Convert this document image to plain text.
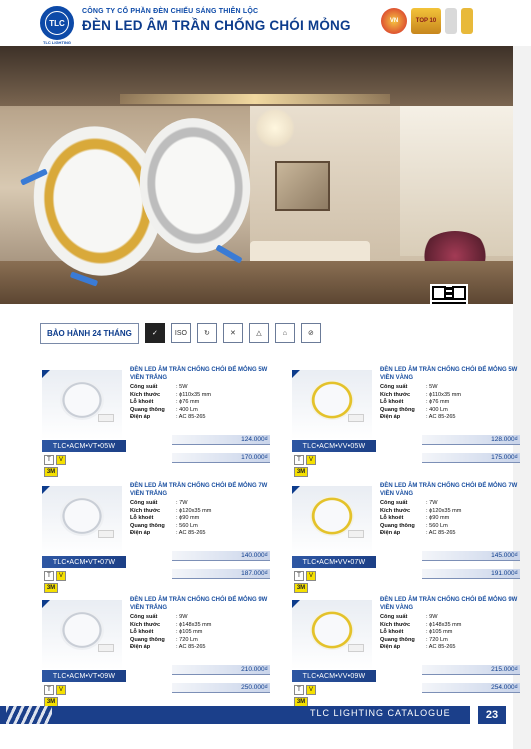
TLC
TLC LIGHTING
CÔNG TY CỔ PHẦN ĐÈN CHIẾU SÁNG THIÊN LỘC
ĐÈN LED ÂM TRẦN CHỐNG CHÓI MỎNG	VN	TOP 10
BẢO HÀNH 24 THÁNG	✓	ISO	↻	✕	△	⌂	⊘
TLC•ACM•VT•05W
T	V
3M
ĐÈN LED ÂM TRẦN CHỐNG CHÓI ĐẾ MỎNG 5W VIỀN TRẮNG
Công suất	: 5W
Kích thước	: ϕ110x35 mm
Lỗ khoét	: ϕ76 mm
Quang thông	: 400 Lm
Điện áp	: AC 85-265
124.000₫
170.000₫
TLC•ACM•VV•05W
T	V
3M
ĐÈN LED ÂM TRẦN CHỐNG CHÓI ĐẾ MỎNG 5W VIỀN VÀNG
Công suất	: 5W
Kích thước	: ϕ110x35 mm
Lỗ khoét	: ϕ76 mm
Quang thông	: 400 Lm
Điện áp	: AC 85-265
128.000₫
175.000₫
TLC•ACM•VT•07W
T	V
3M
ĐÈN LED ÂM TRẦN CHỐNG CHÓI ĐẾ MỎNG 7W VIỀN TRẮNG
Công suất	: 7W
Kích thước	: ϕ120x35 mm
Lỗ khoét	: ϕ90 mm
Quang thông	: 560 Lm
Điện áp	: AC 85-265
140.000₫
187.000₫
TLC•ACM•VV•07W
T	V
3M
ĐÈN LED ÂM TRẦN CHỐNG CHÓI ĐẾ MỎNG 7W VIỀN VÀNG
Công suất	: 7W
Kích thước	: ϕ120x35 mm
Lỗ khoét	: ϕ90 mm
Quang thông	: 560 Lm
Điện áp	: AC 85-265
145.000₫
191.000₫
TLC•ACM•VT•09W
T	V
3M
ĐÈN LED ÂM TRẦN CHỐNG CHÓI ĐẾ MỎNG 9W VIỀN TRẮNG
Công suất	: 9W
Kích thước	: ϕ148x35 mm
Lỗ khoét	: ϕ105 mm
Quang thông	: 720 Lm
Điện áp	: AC 85-265
210.000₫
250.000₫
TLC•ACM•VV•09W
T	V
3M
ĐÈN LED ÂM TRẦN CHỐNG CHÓI ĐẾ MỎNG 9W VIỀN VÀNG
Công suất	: 9W
Kích thước	: ϕ148x35 mm
Lỗ khoét	: ϕ105 mm
Quang thông	: 720 Lm
Điện áp	: AC 85-265
215.000₫
254.000₫
TLC LIGHTING CATALOGUE	23
